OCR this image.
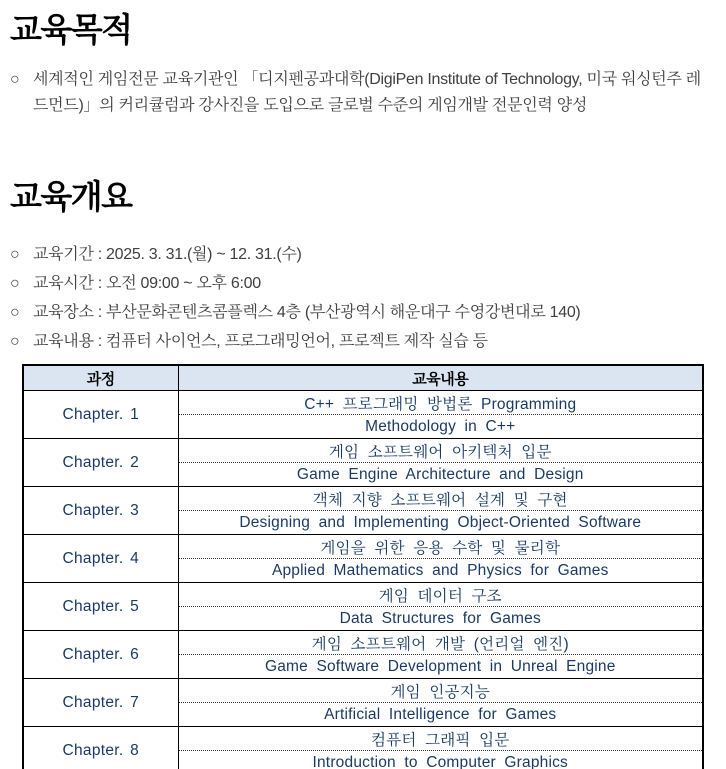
교육목적
○ 세계적인 게임전문 교육기관인 「디지펜공과대학(DigiPen Institute of Technology, 미국 워싱턴주 레드먼드)」의 커리큘럼과 강사진을 도입으로 글로벌 수준의 게임개발 전문인력 양성
교육개요
○ 교육기간 : 2025. 3. 31.(월) ~ 12. 31.(수)
○ 교육시간 : 오전 09:00 ~ 오후 6:00
○ 교육장소 : 부산문화콘텐츠콤플렉스 4층 (부산광역시 해운대구 수영강변대로 140)
○ 교육내용 : 컴퓨터 사이언스, 프로그래밍언어, 프로젝트 제작 실습 등
과정	교육내용
Chapter. 1	C++ 프로그래밍 방법론 Programming
	Methodology in C++
Chapter. 2	게임 소프트웨어 아키텍처 입문
	Game Engine Architecture and Design
Chapter. 3	객체 지향 소프트웨어 설계 및 구현
	Designing and Implementing Object-Oriented Software
Chapter. 4	게임을 위한 응용 수학 및 물리학
	Applied Mathematics and Physics for Games
Chapter. 5	게임 데이터 구조
	Data Structures for Games
Chapter. 6	게임 소프트웨어 개발 (언리얼 엔진)
	Game Software Development in Unreal Engine
Chapter. 7	게임 인공지능
	Artificial Intelligence for Games
Chapter. 8	컴퓨터 그래픽 입문
	Introduction to Computer Graphics
